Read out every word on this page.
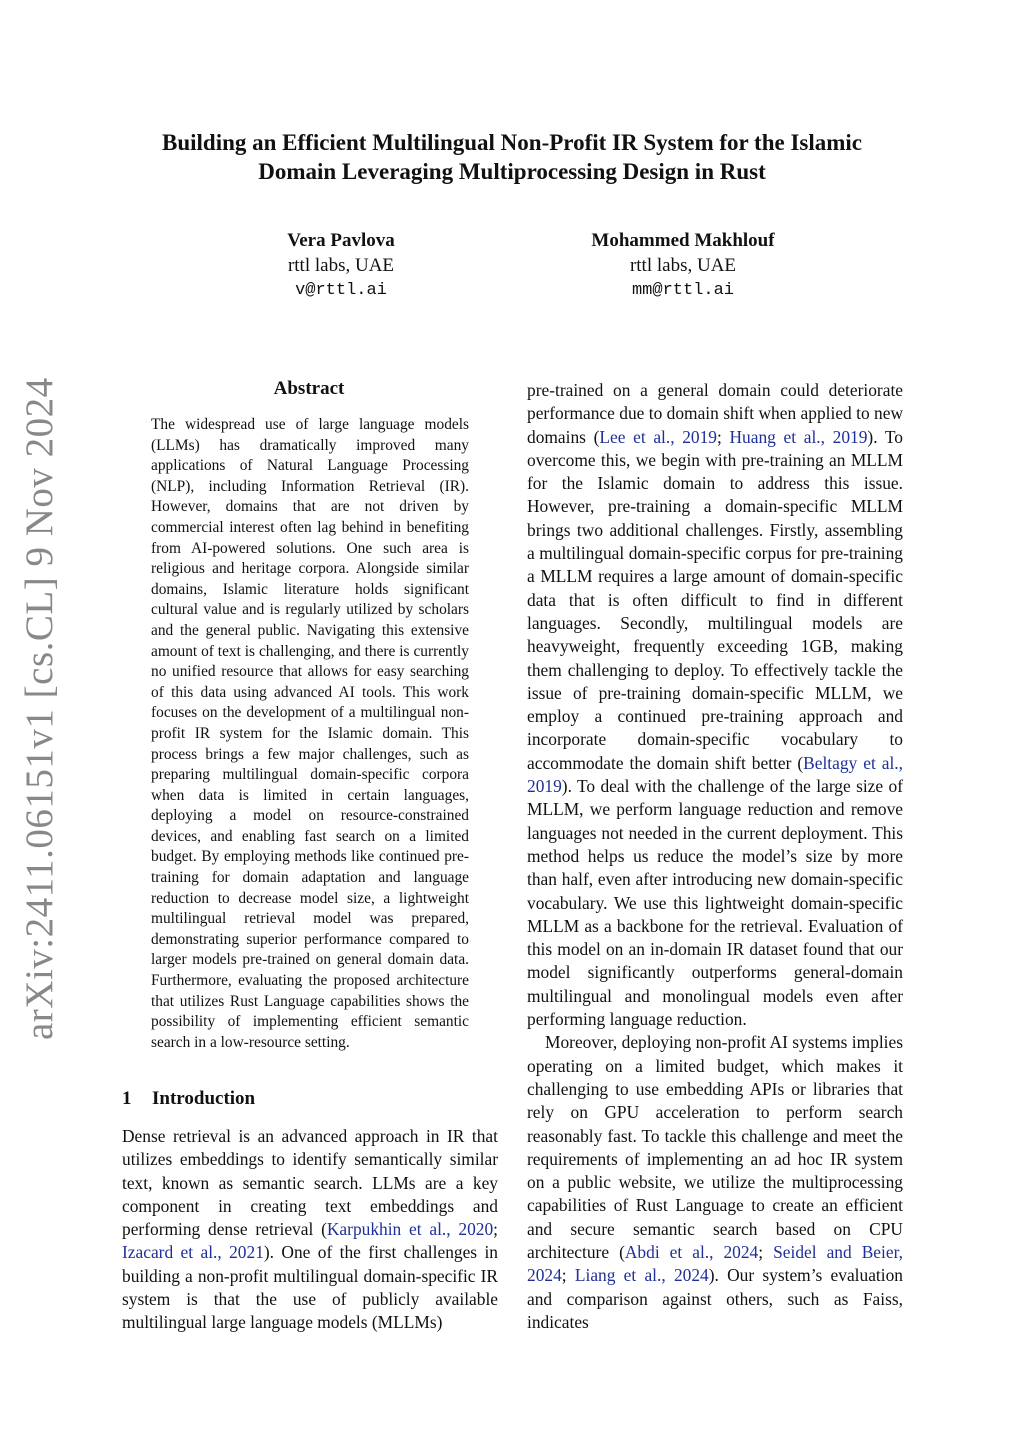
arXiv:2411.06151v1 [cs.CL] 9 Nov 2024
Building an Efficient Multilingual Non-Profit IR System for the Islamic
Domain Leveraging Multiprocessing Design in Rust
Vera Pavlova
rttl labs, UAE
v@rttl.ai
Mohammed Makhlouf
rttl labs, UAE
mm@rttl.ai
Abstract
The widespread use of large language models (LLMs) has dramatically improved many applications of Natural Language Processing (NLP), including Information Retrieval (IR). However, domains that are not driven by commercial interest often lag behind in benefiting from AI-powered solutions. One such area is religious and heritage corpora. Alongside similar domains, Islamic literature holds significant cultural value and is regularly utilized by scholars and the general public. Navigating this extensive amount of text is challenging, and there is currently no unified resource that allows for easy searching of this data using advanced AI tools. This work focuses on the development of a multilingual non-profit IR system for the Islamic domain. This process brings a few major challenges, such as preparing multilingual domain-specific corpora when data is limited in certain languages, deploying a model on resource-constrained devices, and enabling fast search on a limited budget. By employing methods like continued pre-training for domain adaptation and language reduction to decrease model size, a lightweight multilingual retrieval model was prepared, demonstrating superior performance compared to larger models pre-trained on general domain data. Furthermore, evaluating the proposed architecture that utilizes Rust Language capabilities shows the possibility of implementing efficient semantic search in a low-resource setting.
1 Introduction
Dense retrieval is an advanced approach in IR that utilizes embeddings to identify semantically similar text, known as semantic search. LLMs are a key component in creating text embeddings and performing dense retrieval (Karpukhin et al., 2020; Izacard et al., 2021). One of the first challenges in building a non-profit multilingual domain-specific IR system is that the use of publicly available multilingual large language models (MLLMs)

pre-trained on a general domain could deteriorate performance due to domain shift when applied to new domains (Lee et al., 2019; Huang et al., 2019). To overcome this, we begin with pre-training an MLLM for the Islamic domain to address this issue. However, pre-training a domain-specific MLLM brings two additional challenges. Firstly, assembling a multilingual domain-specific corpus for pre-training a MLLM requires a large amount of domain-specific data that is often difficult to find in different languages. Secondly, multilingual models are heavyweight, frequently exceeding 1GB, making them challenging to deploy. To effectively tackle the issue of pre-training domain-specific MLLM, we employ a continued pre-training approach and incorporate domain-specific vocabulary to accommodate the domain shift better (Beltagy et al., 2019). To deal with the challenge of the large size of MLLM, we perform language reduction and remove languages not needed in the current deployment. This method helps us reduce the model’s size by more than half, even after introducing new domain-specific vocabulary. We use this lightweight domain-specific MLLM as a backbone for the retrieval. Evaluation of this model on an in-domain IR dataset found that our model significantly outperforms general-domain multilingual and monolingual models even after performing language reduction.

Moreover, deploying non-profit AI systems implies operating on a limited budget, which makes it challenging to use embedding APIs or libraries that rely on GPU acceleration to perform search reasonably fast. To tackle this challenge and meet the requirements of implementing an ad hoc IR system on a public website, we utilize the multiprocessing capabilities of Rust Language to create an efficient and secure semantic search based on CPU architecture (Abdi et al., 2024; Seidel and Beier, 2024; Liang et al., 2024). Our system’s evaluation and comparison against others, such as Faiss, indicates
